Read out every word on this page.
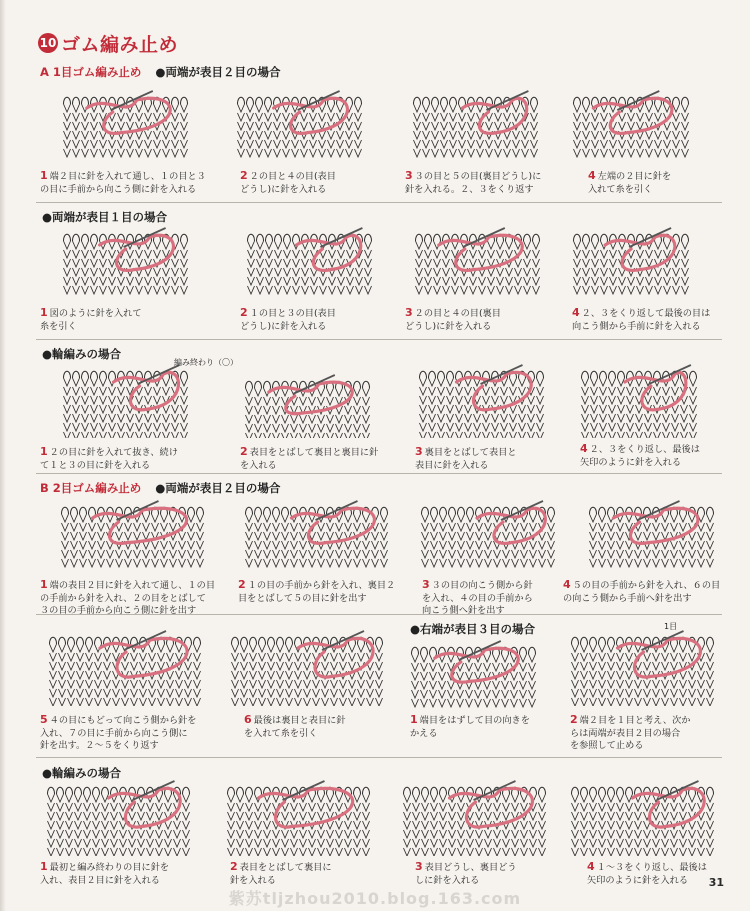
10 ゴム編み止め
A 1目ゴム編み止め ●両端が表目２目の場合
●両端が表目１目の場合
●輪編みの場合
B 2目ゴム編み止め ●両端が表目２目の場合
●右端が表目３目の場合
●輪編みの場合
編み終わり（〇）
1目
1 端２目に針を入れて通し、１の目と３
の目に手前から向こう側に針を入れる
2 ２の目と４の目(表目
どうし)に針を入れる
3 ３の目と５の目(裏目どうし)に
針を入れる。２、３をくり返す
4 左端の２目に針を
入れて糸を引く
1 図のように針を入れて
糸を引く
2 １の目と３の目(表目
どうし)に針を入れる
3 ２の目と４の目(裏目
どうし)に針を入れる
4 ２、３をくり返して最後の目は
向こう側から手前に針を入れる
1 ２の目に針を入れて抜き、続け
て１と３の目に針を入れる
2 表目をとばして裏目と裏目に針
を入れる
3 裏目をとばして表目と
表目に針を入れる
4 ２、３をくり返し、最後は
矢印のように針を入れる
1 端の表目２目に針を入れて通し、１の目
の手前から針を入れ、２の目をとばして
３の目の手前から向こう側に針を出す
2 １の目の手前から針を入れ、裏目２
目をとばして５の目に針を出す
3 ３の目の向こう側から針
を入れ、４の目の手前から
向こう側へ針を出す
4 ５の目の手前から針を入れ、６の目
の向こう側から手前へ針を出す
5 ４の目にもどって向こう側から針を
入れ、７の目に手前から向こう側に
針を出す。２～５をくり返す
6 最後は裏目と表目に針
を入れて糸を引く
1 端目をはずして目の向きを
かえる
2 端２目を１目と考え、次か
らは両端が表目２目の場合
を参照して止める
1 最初と編み終わりの目に針を
入れ、表目２目に針を入れる
2 表目をとばして裏目に
針を入れる
3 表目どうし、裏目どう
しに針を入れる
4 １～３をくり返し、最後は
矢印のように針を入れる	31
紫苏tljzhou2010.blog.163.com
